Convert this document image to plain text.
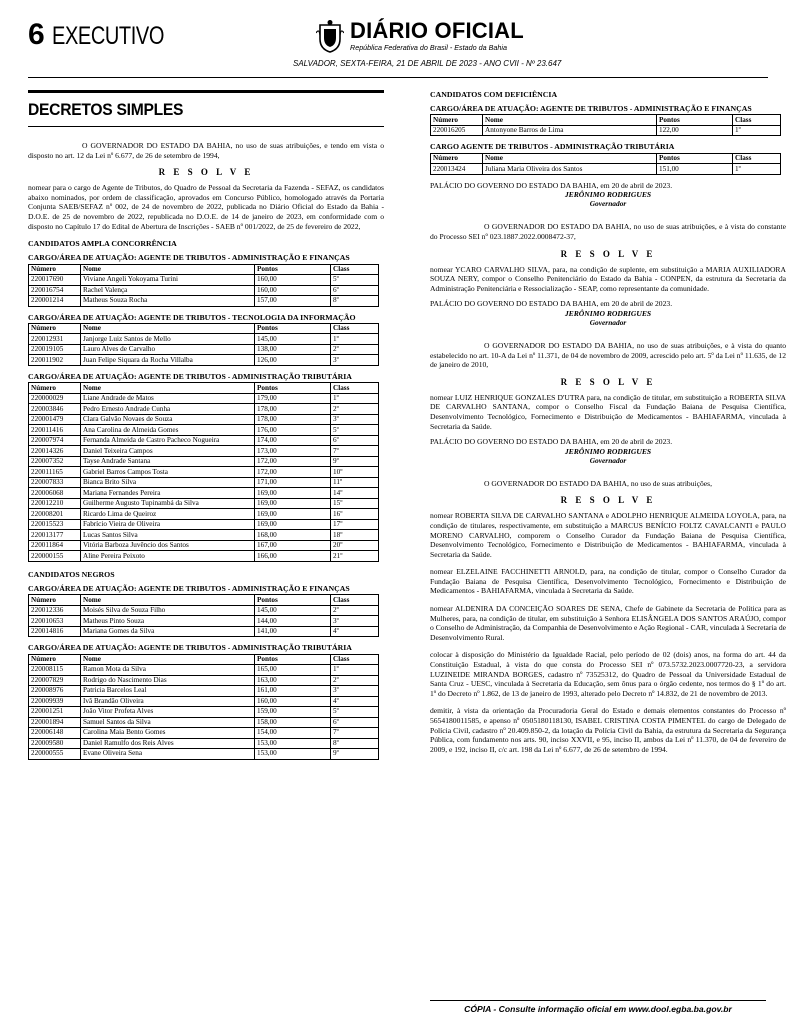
6 EXECUTIVO	DIÁRIO OFICIAL
República Federativa do Brasil - Estado da Bahia
SALVADOR, SEXTA-FEIRA, 21 DE ABRIL DE 2023 - ANO CVII - Nº 23.647
DECRETOS SIMPLES

O GOVERNADOR DO ESTADO DA BAHIA, no uso de suas atribuições, e tendo em vista o disposto no art. 12 da Lei nº 6.677, de 26 de setembro de 1994,

R E S O L V E

nomear para o cargo de Agente de Tributos, do Quadro de Pessoal da Secretaria da Fazenda - SEFAZ, os candidatos abaixo nominados, por ordem de classificação, aprovados em Concurso Público, homologado através da Portaria Conjunta SAEB/SEFAZ nº 002, de 24 de novembro de 2022, publicada no Diário Oficial do Estado da Bahia - D.O.E. de 25 de novembro de 2022, republicada no D.O.E. de 14 de janeiro de 2023, em conformidade com o disposto no Capítulo 17 do Edital de Abertura de Inscrições - SAEB nº 001/2022, de 25 de fevereiro de 2022,

CANDIDATOS AMPLA CONCORRÊNCIA
CARGO/ÁREA DE ATUAÇÃO: AGENTE DE TRIBUTOS - ADMINISTRAÇÃO E FINANÇAS
Número	Nome	Pontos	Class
220017690	Viviane Angeli Yokoyama Turini	160,00	5º
220016754	Rachel Valença	160,00	6º
220001214	Matheus Souza Rocha	157,00	8º
CARGO/ÁREA DE ATUAÇÃO: AGENTE DE TRIBUTOS - TECNOLOGIA DA INFORMAÇÃO
Número	Nome	Pontos	Class
220012931	Janjorge Luiz Santos de Mello	145,00	1º
220019105	Lauro Alves de Carvalho	138,00	2º
220011902	Juan Felipe Siquara da Rocha Villalba	126,00	3º
CARGO/ÁREA DE ATUAÇÃO: AGENTE DE TRIBUTOS - ADMINISTRAÇÃO TRIBUTÁRIA
Número	Nome	Pontos	Class
220000029	Liane Andrade de Matos	179,00	1º
220003846	Pedro Ernesto Andrade Cunha	178,00	2º
220001479	Clara Galvão Novaes de Souza	178,00	3º
220011416	Ana Carolina de Almeida Gomes	176,00	5º
220007974	Fernanda Almeida de Castro Pacheco Nogueira	174,00	6º
220014326	Daniel Teixeira Campos	173,00	7º
220007352	Tayse Andrade Santana	172,00	9º
220011165	Gabriel Barros Campos Tosta	172,00	10º
220007833	Bianca Brito Silva	171,00	11º
220006068	Mariana Fernandes Pereira	169,00	14º
220012210	Guilherme Augusto Tupinambá da Silva	169,00	15º
220008201	Ricardo Lima de Queiroz	169,00	16º
220015523	Fabrício Vieira de Oliveira	169,00	17º
220013177	Lucas Santos Silva	168,00	18º
220011864	Vitória Barboza Juvêncio dos Santos	167,00	20º
220000155	Aline Pereira Peixoto	166,00	21º
CANDIDATOS NEGROS
CARGO/ÁREA DE ATUAÇÃO: AGENTE DE TRIBUTOS - ADMINISTRAÇÃO E FINANÇAS
Número	Nome	Pontos	Class
220012336	Moisés Silva de Souza Filho	145,00	2º
220010653	Matheus Pinto Souza	144,00	3º
220014816	Mariana Gomes da Silva	141,00	4º
CARGO/ÁREA DE ATUAÇÃO: AGENTE DE TRIBUTOS - ADMINISTRAÇÃO TRIBUTÁRIA
Número	Nome	Pontos	Class
220008115	Ramon Mota da Silva	165,00	1º
220007829	Rodrigo do Nascimento Dias	163,00	2º
220008976	Patricia Barcelos Leal	161,00	3º
220009939	Ivã Brandão Oliveira	160,00	4º
220001251	João Vitor Profeta Alves	159,00	5º
220001894	Samuel Santos da Silva	158,00	6º
220006148	Carolina Maia Bento Gomes	154,00	7º
220009580	Daniel Ramulfo dos Reis Alves	153,00	8º
220000555	Evane Oliveira Sena	153,00	9º
CANDIDATOS COM DEFICIÊNCIA
CARGO/ÁREA DE ATUAÇÃO: AGENTE DE TRIBUTOS - ADMINISTRAÇÃO E FINANÇAS
Número	Nome	Pontos	Class
220016205	Antonyone Barros de Lima	122,00	1º
CARGO AGENTE DE TRIBUTOS - ADMINISTRAÇÃO TRIBUTÁRIA
Número	Nome	Pontos	Class
220013424	Juliana Maria Oliveira dos Santos	151,00	1º

PALÁCIO DO GOVERNO DO ESTADO DA BAHIA, em 20 de abril de 2023.

JERÔNIMO RODRIGUES
Governador

O GOVERNADOR DO ESTADO DA BAHIA, no uso de suas atribuições, e à vista do constante do Processo SEI nº 023.1887.2022.0008472-37,

R E S O L V E

nomear YCARO CARVALHO SILVA, para, na condição de suplente, em substituição a MARIA AUXILIADORA SOUZA NERY, compor o Conselho Penitenciário do Estado da Bahia - CONPEN, da estrutura da Secretaria da Administração Penitenciária e Ressocialização - SEAP, como representante da comunidade.

PALÁCIO DO GOVERNO DO ESTADO DA BAHIA, em 20 de abril de 2023.

JERÔNIMO RODRIGUES
Governador

O GOVERNADOR DO ESTADO DA BAHIA, no uso de suas atribuições, e à vista do quanto estabelecido no art. 10-A da Lei nº 11.371, de 04 de novembro de 2009, acrescido pelo art. 5º da Lei nº 11.635, de 12 de janeiro de 2010,

R E S O L V E

nomear LUIZ HENRIQUE GONZALES D'UTRA para, na condição de titular, em substituição a ROBERTA SILVA DE CARVALHO SANTANA, compor o Conselho Fiscal da Fundação Baiana de Pesquisa Científica, Desenvolvimento Tecnológico, Fornecimento e Distribuição de Medicamentos - BAHIAFARMA, vinculada à Secretaria da Saúde.

PALÁCIO DO GOVERNO DO ESTADO DA BAHIA, em 20 de abril de 2023.

JERÔNIMO RODRIGUES
Governador

O GOVERNADOR DO ESTADO DA BAHIA, no uso de suas atribuições,

R E S O L V E

nomear ROBERTA SILVA DE CARVALHO SANTANA e ADOLPHO HENRIQUE ALMEIDA LOYOLA, para, na condição de titulares, respectivamente, em substituição a MARCUS BENÍCIO FOLTZ CAVALCANTI e PAULO MORENO CARVALHO, comporem o Conselho Curador da Fundação Baiana de Pesquisa Científica, Desenvolvimento Tecnológico, Fornecimento e Distribuição de Medicamentos - BAHIAFARMA, vinculada à Secretaria da Saúde.

nomear ELZELAINE FACCHINETTI ARNOLD, para, na condição de titular, compor o Conselho Curador da Fundação Baiana de Pesquisa Científica, Desenvolvimento Tecnológico, Fornecimento e Distribuição de Medicamentos - BAHIAFARMA, vinculada à Secretaria da Saúde.

nomear ALDENIRA DA CONCEIÇÃO SOARES DE SENA, Chefe de Gabinete da Secretaria de Política para as Mulheres, para, na condição de titular, em substituição à Senhora ELISÂNGELA DOS SANTOS ARAÚJO, compor o Conselho de Administração, da Companhia de Desenvolvimento e Ação Regional - CAR, vinculada à Secretaria de Desenvolvimento Rural.

colocar à disposição do Ministério da Igualdade Racial, pelo período de 02 (dois) anos, na forma do art. 44 da Constituição Estadual, à vista do que consta do Processo SEI nº 073.5732.2023.0007720-23, a servidora LUZINEIDE MIRANDA BORGES, cadastro nº 73525312, do Quadro de Pessoal da Universidade Estadual de Santa Cruz - UESC, vinculada à Secretaria da Educação, sem ônus para o órgão cedente, nos termos do § 1º do art. 1º do Decreto nº 1.862, de 13 de janeiro de 1993, alterado pelo Decreto nº 14.832, de 21 de novembro de 2013.

demitir, à vista da orientação da Procuradoria Geral do Estado e demais elementos constantes do Processo nº 5654180011585, e apenso nº 0505180118130, ISABEL CRISTINA COSTA PIMENTEL do cargo de Delegado de Polícia Civil, cadastro nº 20.409.850-2, da lotação da Polícia Civil da Bahia, da estrutura da Secretaria da Segurança Pública, com fundamento nos arts. 90, inciso XXVII, e 95, inciso II, ambos da Lei nº 11.370, de 04 de fevereiro de 2009, e 192, inciso II, c/c art. 198 da Lei nº 6.677, de 26 de setembro de 1994.

CÓPIA - Consulte informação oficial em www.dool.egba.ba.gov.br
